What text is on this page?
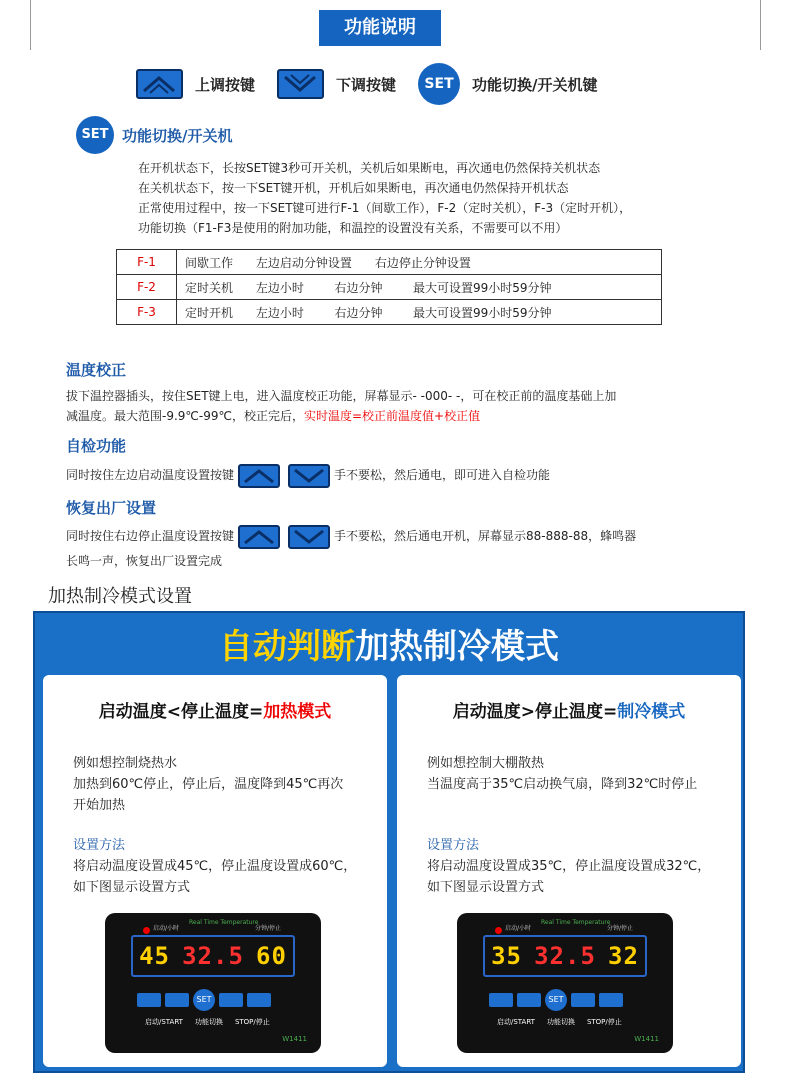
功能说明
上调按键	下调按键	SET	功能切换/开关机键
SET 功能切换/开关机
在开机状态下，长按SET键3秒可开关机，关机后如果断电，再次通电仍然保持关机状态
在关机状态下，按一下SET键开机，开机后如果断电，再次通电仍然保持开机状态
正常使用过程中，按一下SET键可进行F-1（间歇工作），F-2（定时关机），F-3（定时开机），
功能切换（F1-F3是使用的附加功能，和温控的设置没有关系，不需要可以不用）
F-1	间歇工作 左边启动分钟设置 右边停止分钟设置
F-2	定时关机 左边小时 右边分钟 最大可设置99小时59分钟
F-3	定时开机 左边小时 右边分钟 最大可设置99小时59分钟
温度校正
拔下温控器插头，按住SET键上电，进入温度校正功能，屏幕显示- -000- -，可在校正前的温度基础上加
减温度。最大范围-9.9℃-99℃，校正完后，实时温度=校正前温度值+校正值
自检功能
同时按住左边启动温度设置按键	手不要松，然后通电，即可进入自检功能
恢复出厂设置
同时按住右边停止温度设置按键	手不要松，然后通电开机，屏幕显示88-888-88，蜂鸣器
长鸣一声，恢复出厂设置完成
加热制冷模式设置
自动判断加热制冷模式
启动温度<停止温度=加热模式
例如想控制烧热水
加热到60℃停止，停止后，温度降到45℃再次
开始加热
设置方法
将启动温度设置成45℃，停止温度设置成60℃，
如下图显示设置方式
启动/小时
Real Time Temperature
分钟/停止
45 32.5 60
SET
启动/START 功能切换 STOP/停止
W1411
启动温度>停止温度=制冷模式
例如想控制大棚散热
当温度高于35℃启动换气扇，降到32℃时停止
设置方法
将启动温度设置成35℃，停止温度设置成32℃，
如下图显示设置方式
启动/小时
Real Time Temperature
分钟/停止
35 32.5 32
SET
启动/START 功能切换 STOP/停止
W1411
